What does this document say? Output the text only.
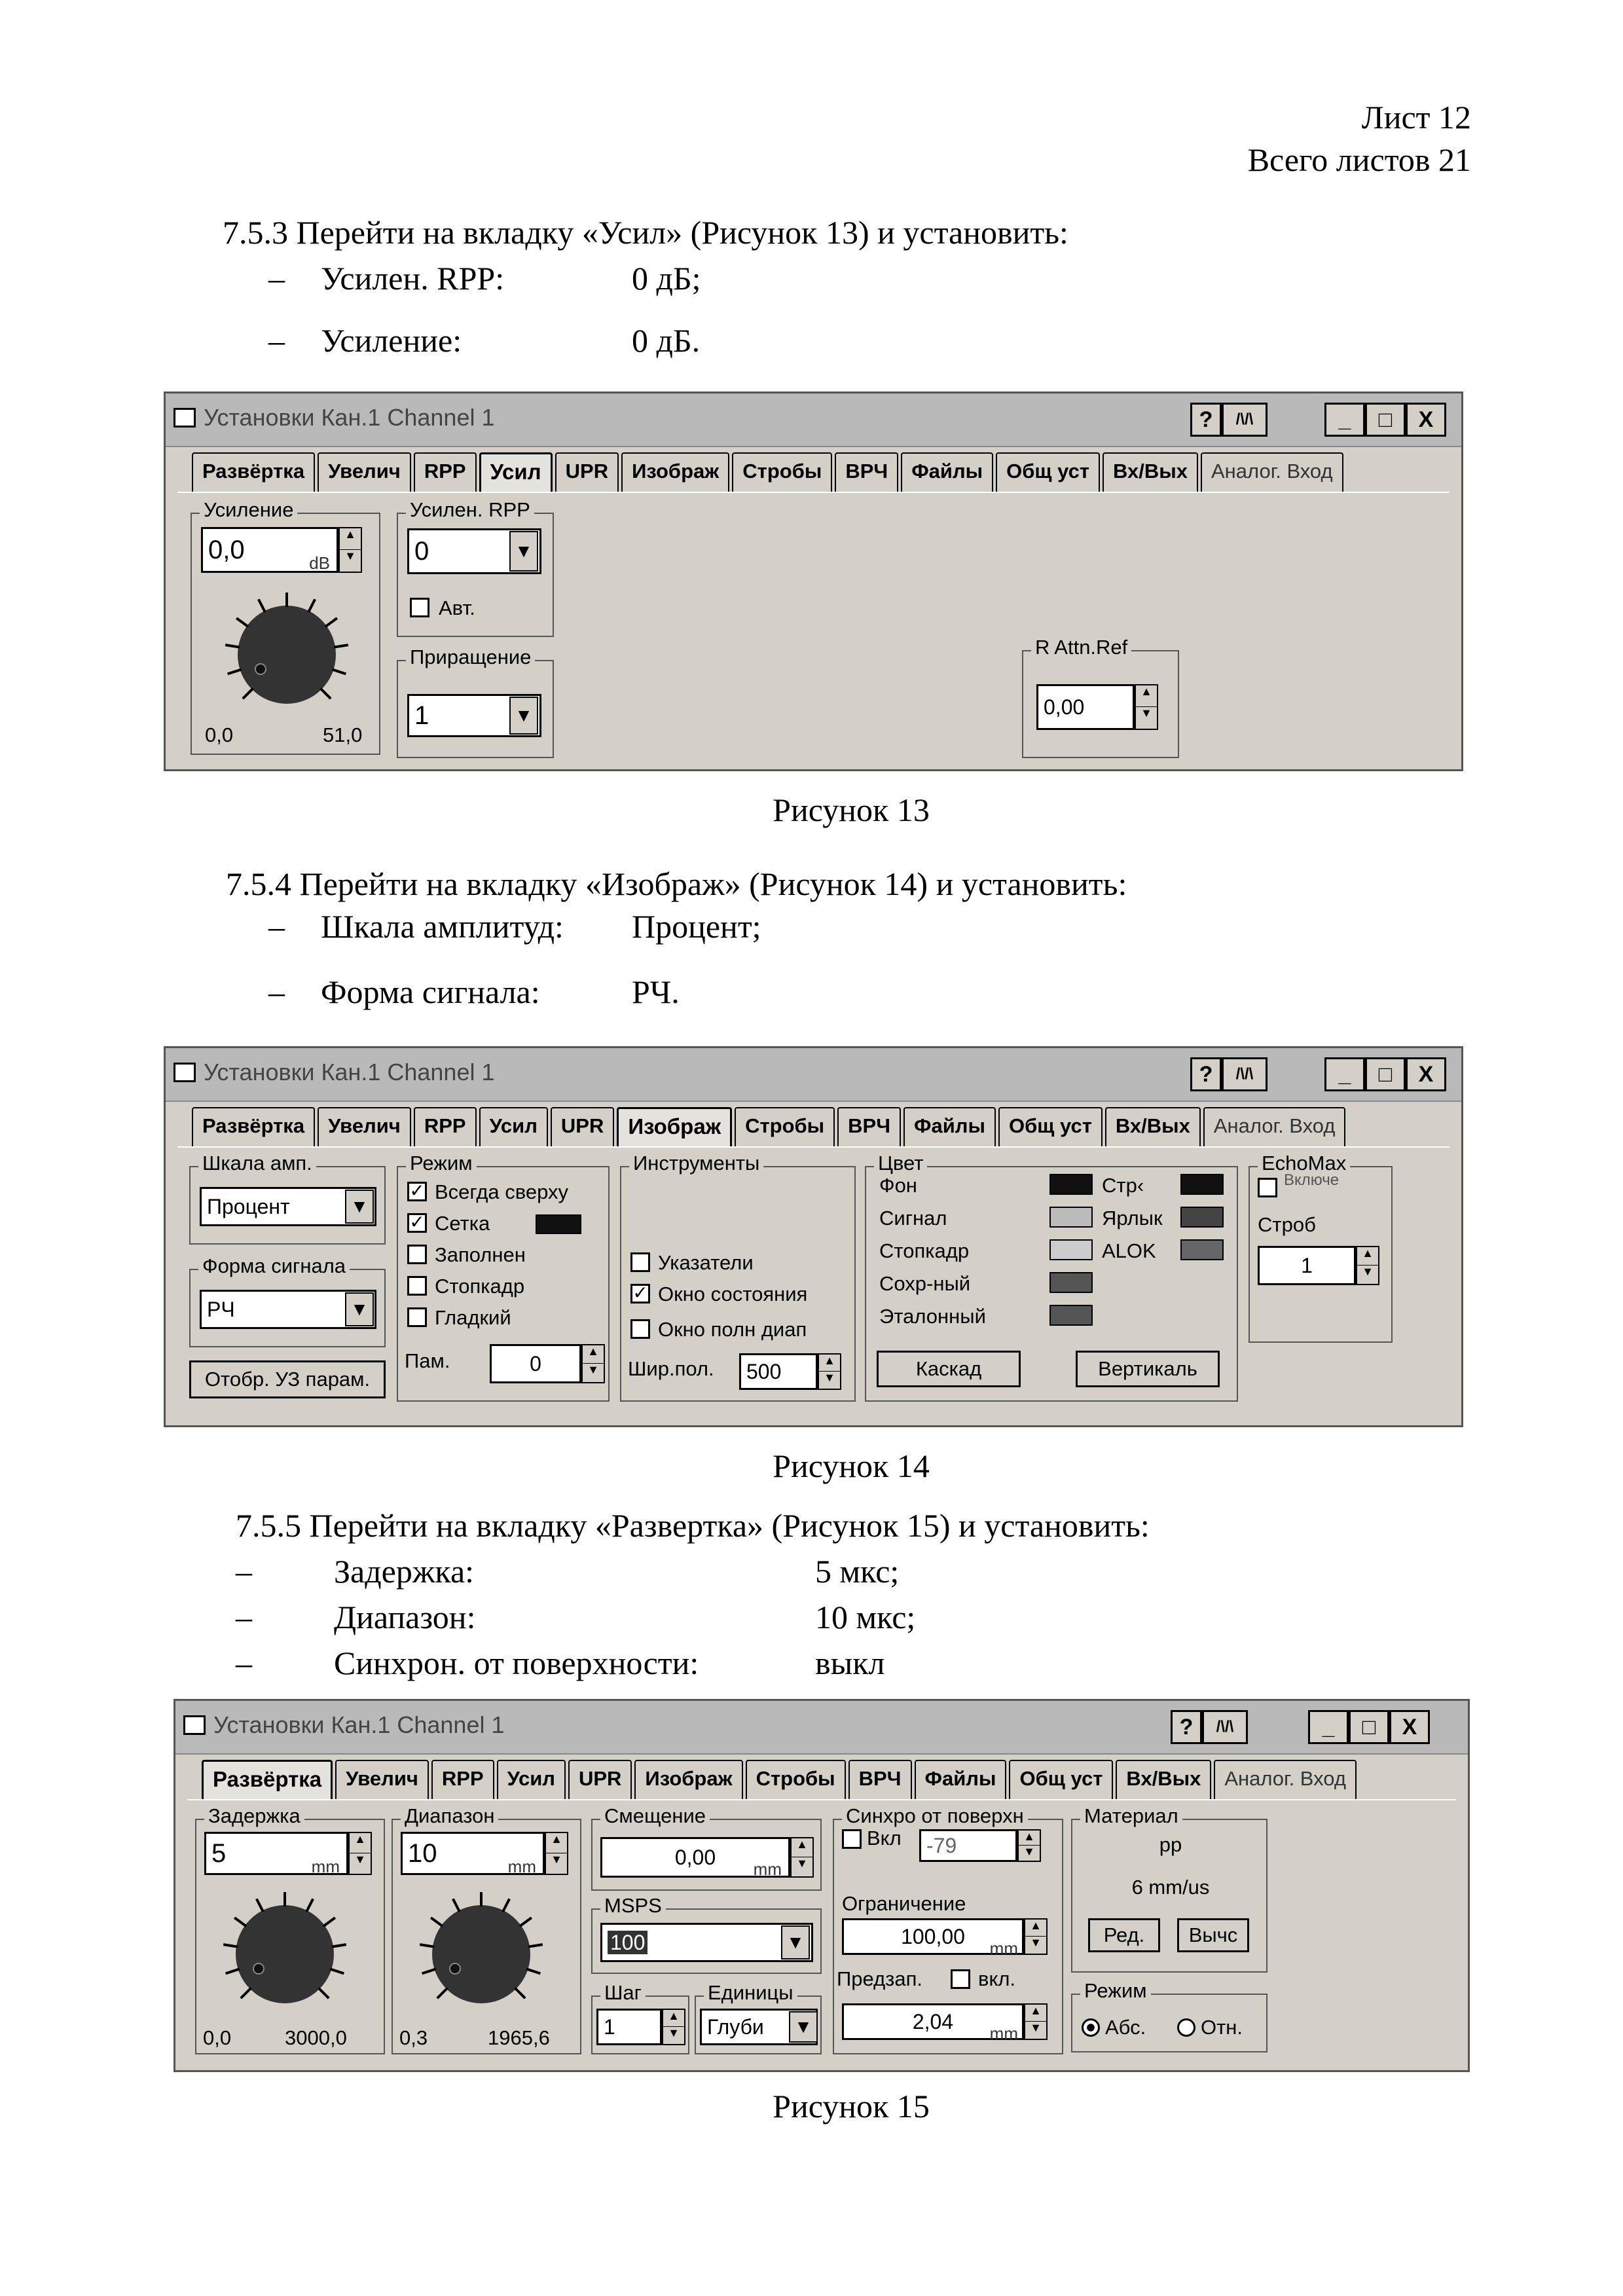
Лист 12
Всего листов 21
7.5.3 Перейти на вкладку «Усил» (Рисунок 13) и установить:
– Усилен. RPP:	0 дБ;
– Усиление:	0 дБ.
Установки Кан.1 Channel 1	?	/\/\	_	□	X
Развёртка	Увелич	RPP	Усил	UPR	Изображ	Стробы	ВРЧ	Файлы	Общ уст	Вх/Вых	Аналог. Вход
Усиление
0,0	dB
▲
▼
0,0	51,0
Усилен. RPP
0	▼
Авт.
Приращение
1	▼
R Attn.Ref
0,00
▲
▼
Рисунок 13
7.5.4 Перейти на вкладку «Изображ» (Рисунок 14) и установить:
– Шкала амплитуд: Процент;
– Форма сигнала:	РЧ.
Установки Кан.1 Channel 1	?	/\/\	_	□	X
Развёртка	Увелич	RPP	Усил	UPR	Изображ	Стробы	ВРЧ	Файлы	Общ уст	Вх/Вых	Аналог. Вход
Шкала амп.
Процент	▼
Форма сигнала
РЧ	▼
Отобр. УЗ парам.
Режим
✓ Всегда сверху
✓ Сетка
Заполнен
Стопкадр
Гладкий
Пам.	0
▲
▼
Инструменты
Указатели
✓ Окно состояния
Окно полн диап
Шир.пол.	500	▲
▼
Цвет
Фон
Сигнал
Стопкадр
Сохр-ный
Эталонный
Стр‹
Ярлык
ALOK
Каскад	Вертикаль
EchoMax
Включе
Строб
1
▲
▼
Рисунок 14
7.5.5 Перейти на вкладку «Развертка» (Рисунок 15) и установить:
–	Задержка:	5 мкс;
–	Диапазон:	10 мкс;
–	Синхрон. от поверхности:	выкл
Установки Кан.1 Channel 1	?	/\/\	_	□	X
Развёртка	Увелич	RPP	Усил	UPR	Изображ	Стробы	ВРЧ	Файлы	Общ уст	Вх/Вых	Аналог. Вход
Задержка
5	mm
▲
▼
0,0	3000,0
Диапазон
10	mm
▲
▼
0,3	1965,6
Смещение
0,00 mm
▲
▼
MSPS
100	▼
Шаг
1	▲
▼
Единицы
Глуби	▼
Синхро от поверхн
Вкл	-79	▲
▼
Ограничение
100,00 mm
▲
▼
Предзап.	вкл.
2,04 mm
▲
▼
Материал
pp
6 mm/us
Ред.	Вычс
Режим
Абс.	Отн.
Рисунок 15
